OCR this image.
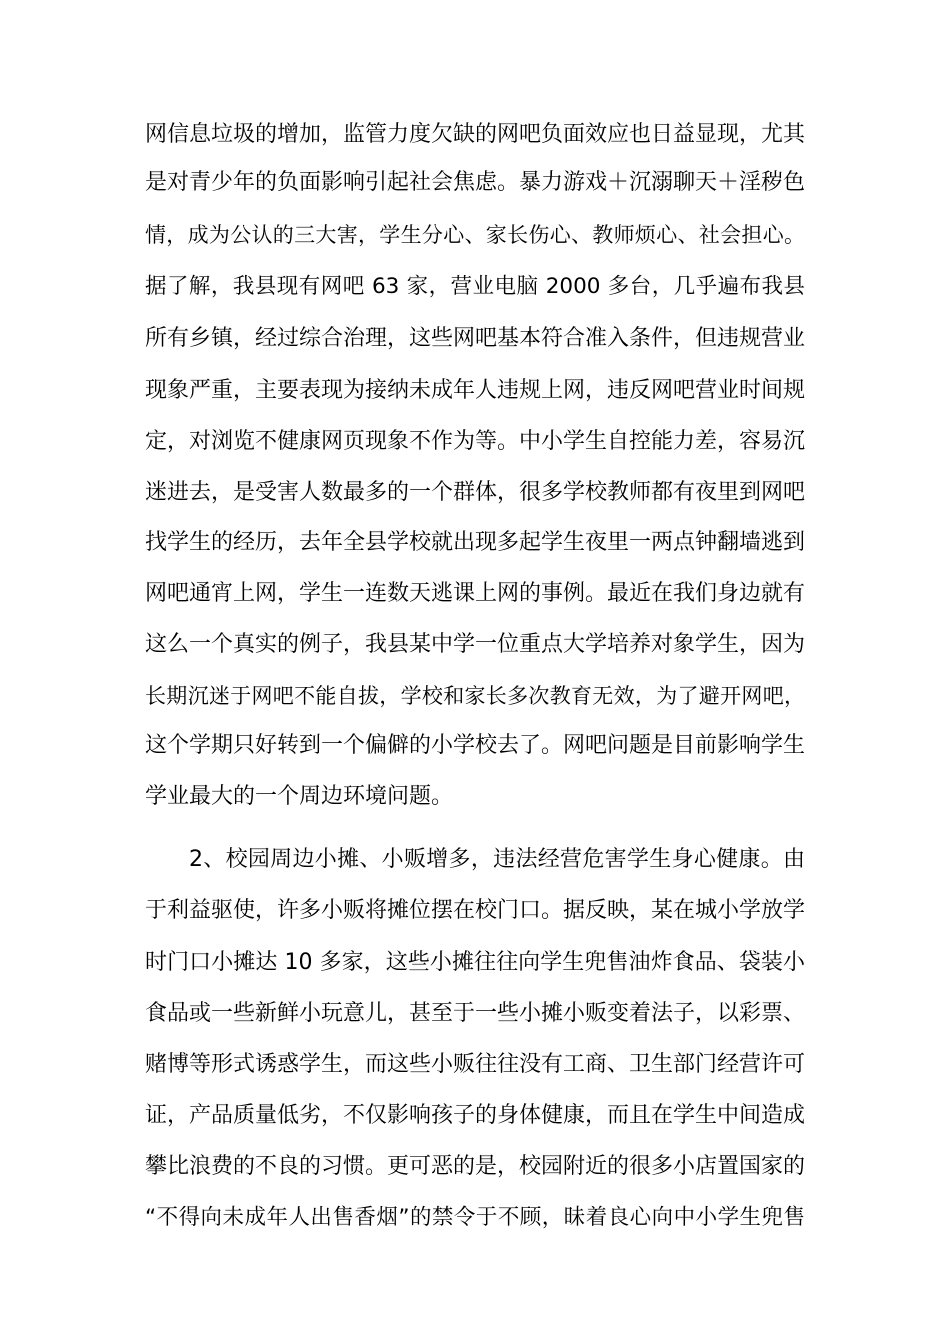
网信息垃圾的增加，监管力度欠缺的网吧负面效应也日益显现，尤其
是对青少年的负面影响引起社会焦虑。暴力游戏＋沉溺聊天＋淫秽色
情，成为公认的三大害，学生分心、家长伤心、教师烦心、社会担心。
据了解，我县现有网吧 63 家，营业电脑 2000 多台，几乎遍布我县
所有乡镇，经过综合治理，这些网吧基本符合准入条件，但违规营业
现象严重，主要表现为接纳未成年人违规上网，违反网吧营业时间规
定，对浏览不健康网页现象不作为等。中小学生自控能力差，容易沉
迷进去，是受害人数最多的一个群体，很多学校教师都有夜里到网吧
找学生的经历，去年全县学校就出现多起学生夜里一两点钟翻墙逃到
网吧通宵上网，学生一连数天逃课上网的事例。最近在我们身边就有
这么一个真实的例子，我县某中学一位重点大学培养对象学生，因为
长期沉迷于网吧不能自拔，学校和家长多次教育无效，为了避开网吧，
这个学期只好转到一个偏僻的小学校去了。网吧问题是目前影响学生
学业最大的一个周边环境问题。
2、校园周边小摊、小贩增多，违法经营危害学生身心健康。由
于利益驱使，许多小贩将摊位摆在校门口。据反映，某在城小学放学
时门口小摊达 10 多家，这些小摊往往向学生兜售油炸食品、袋装小
食品或一些新鲜小玩意儿，甚至于一些小摊小贩变着法子，以彩票、
赌博等形式诱惑学生，而这些小贩往往没有工商、卫生部门经营许可
证，产品质量低劣，不仅影响孩子的身体健康，而且在学生中间造成
攀比浪费的不良的习惯。更可恶的是，校园附近的很多小店置国家的
“不得向未成年人出售香烟”的禁令于不顾，昧着良心向中小学生兜售
